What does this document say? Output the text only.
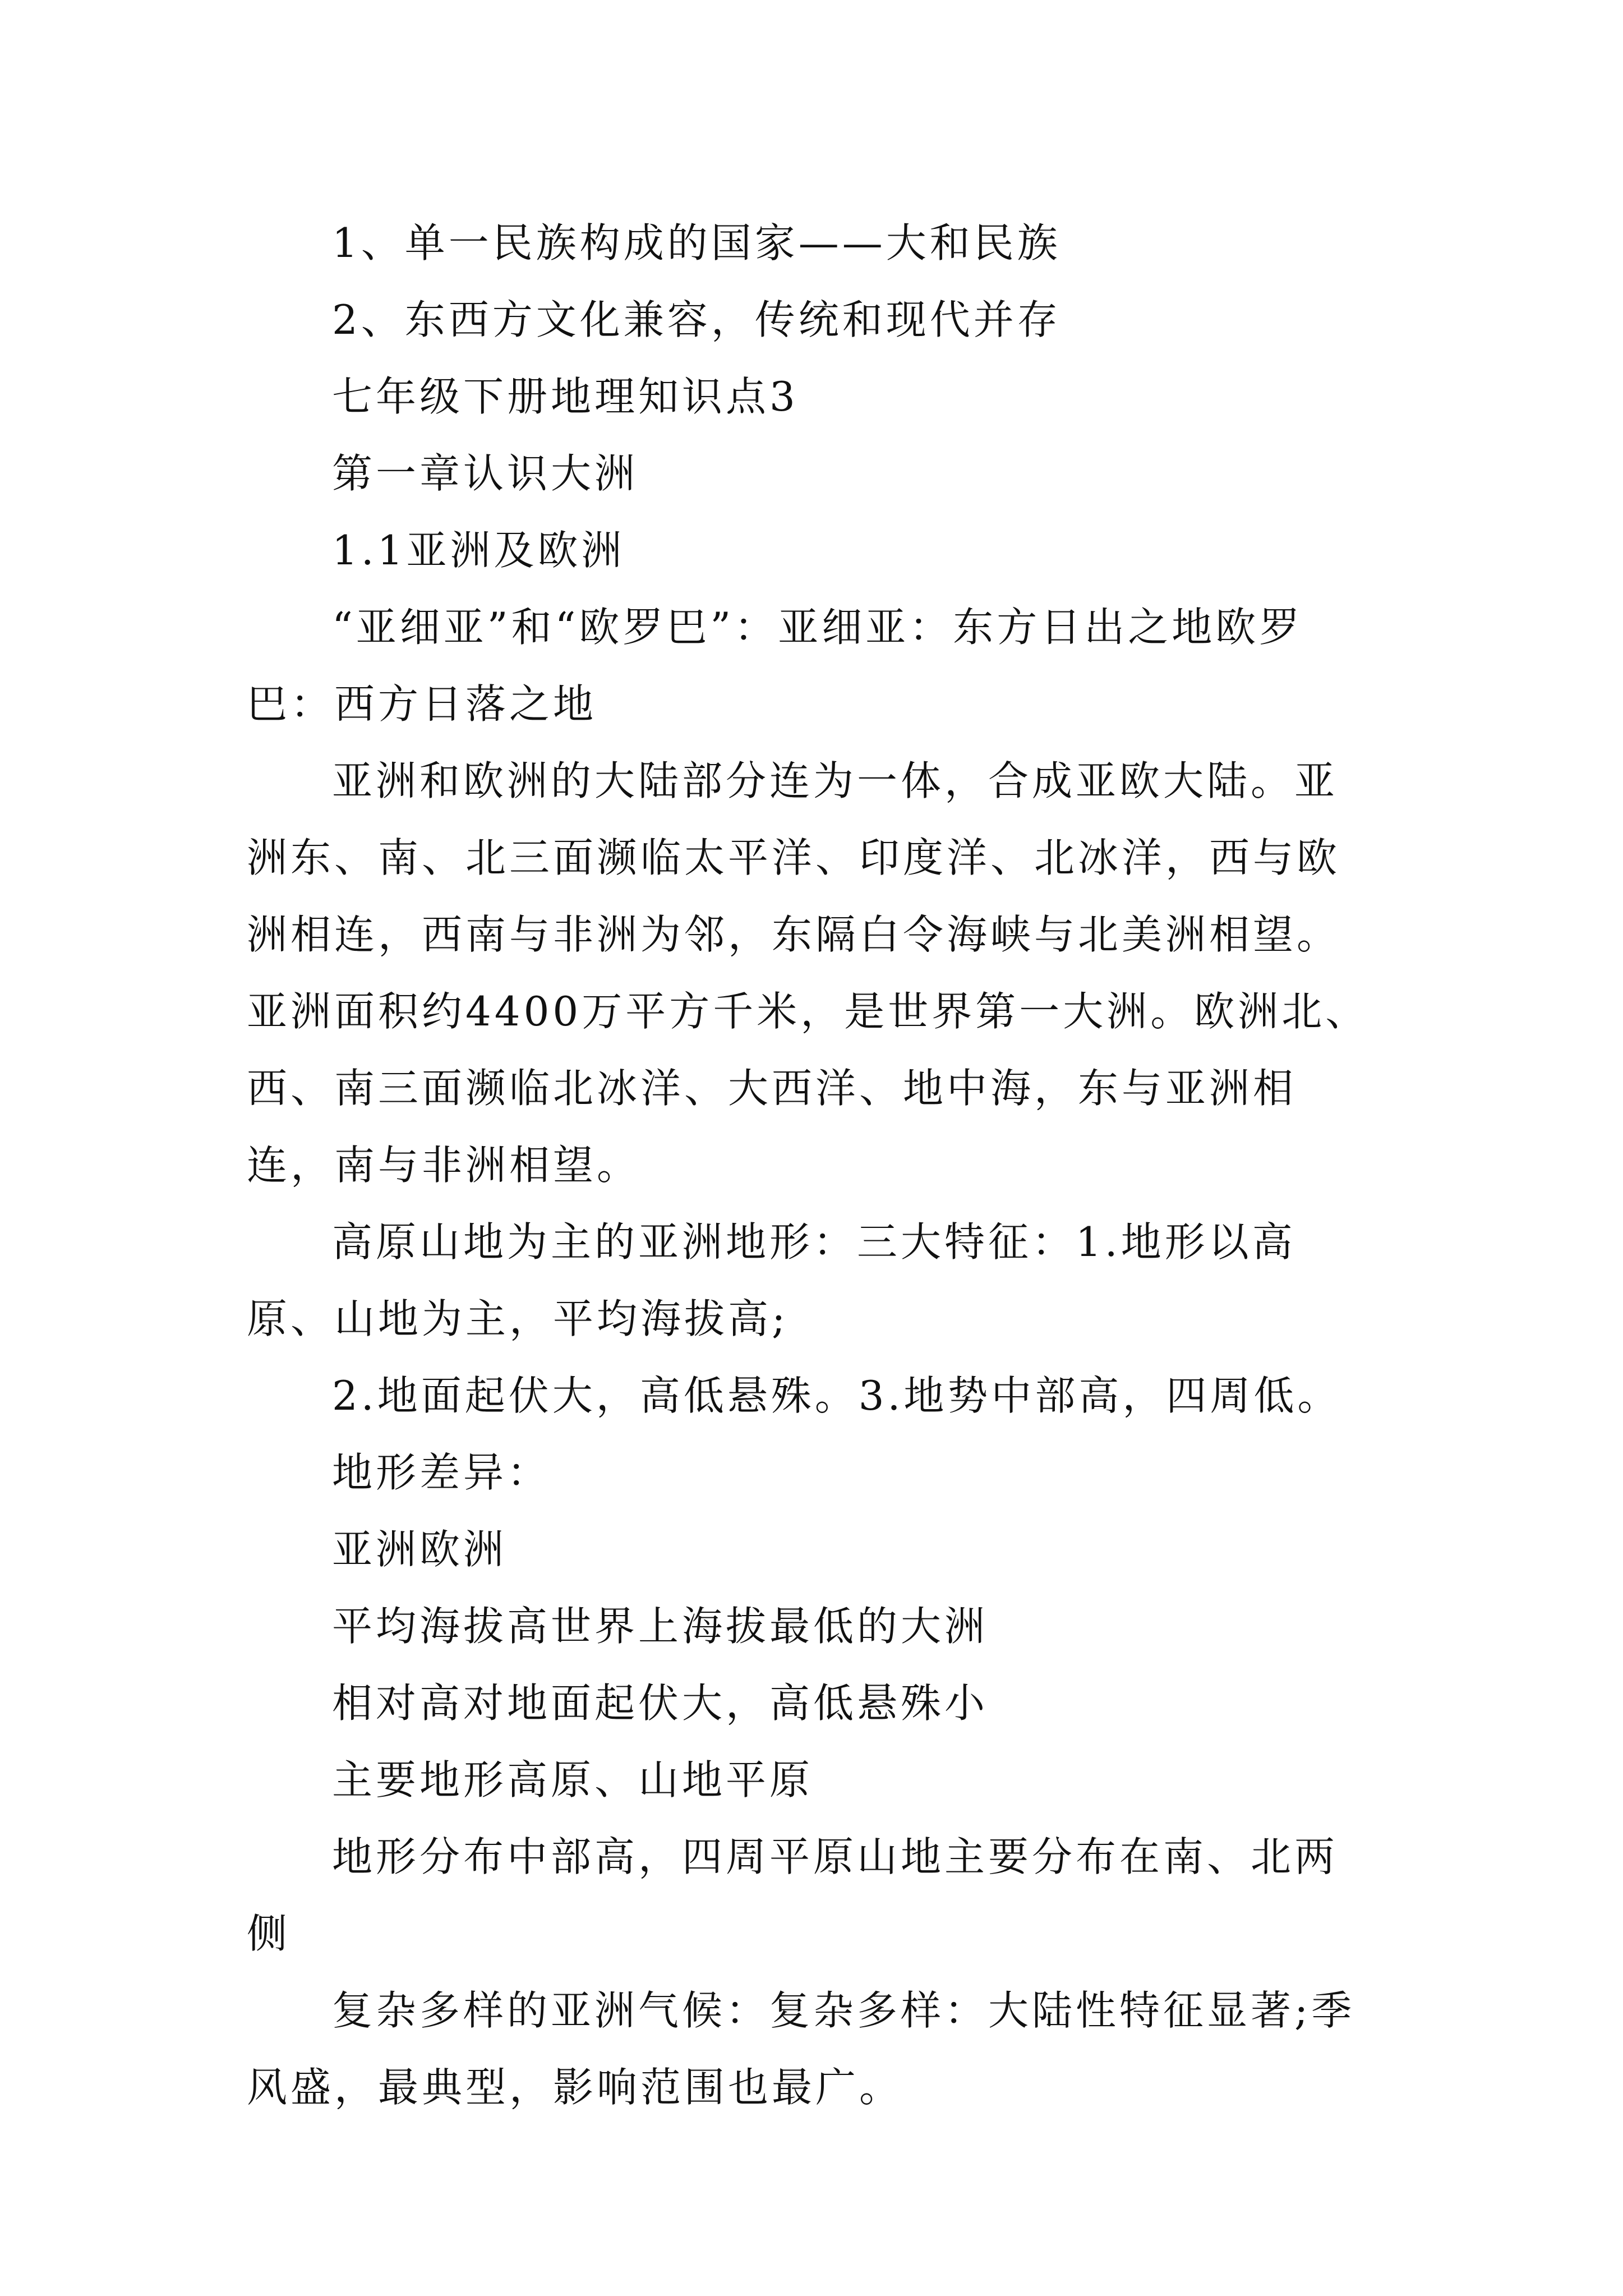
1、单一民族构成的国家——大和民族

2、东西方文化兼容，传统和现代并存

七年级下册地理知识点3

第一章认识大洲

1.1亚洲及欧洲

“亚细亚”和“欧罗巴”：亚细亚：东方日出之地欧罗巴：西方日落之地

亚洲和欧洲的大陆部分连为一体，合成亚欧大陆。亚洲东、南、北三面濒临太平洋、印度洋、北冰洋，西与欧洲相连，西南与非洲为邻，东隔白令海峡与北美洲相望。亚洲面积约4400万平方千米，是世界第一大洲。欧洲北、西、南三面濒临北冰洋、大西洋、地中海，东与亚洲相连，南与非洲相望。

高原山地为主的亚洲地形：三大特征：1.地形以高原、山地为主，平均海拔高;

2.地面起伏大，高低悬殊。3.地势中部高，四周低。

地形差异：

亚洲欧洲

平均海拔高世界上海拔最低的大洲

相对高对地面起伏大，高低悬殊小

主要地形高原、山地平原

地形分布中部高，四周平原山地主要分布在南、北两侧

复杂多样的亚洲气候：复杂多样：大陆性特征显著;季风盛，最典型，影响范围也最广。
